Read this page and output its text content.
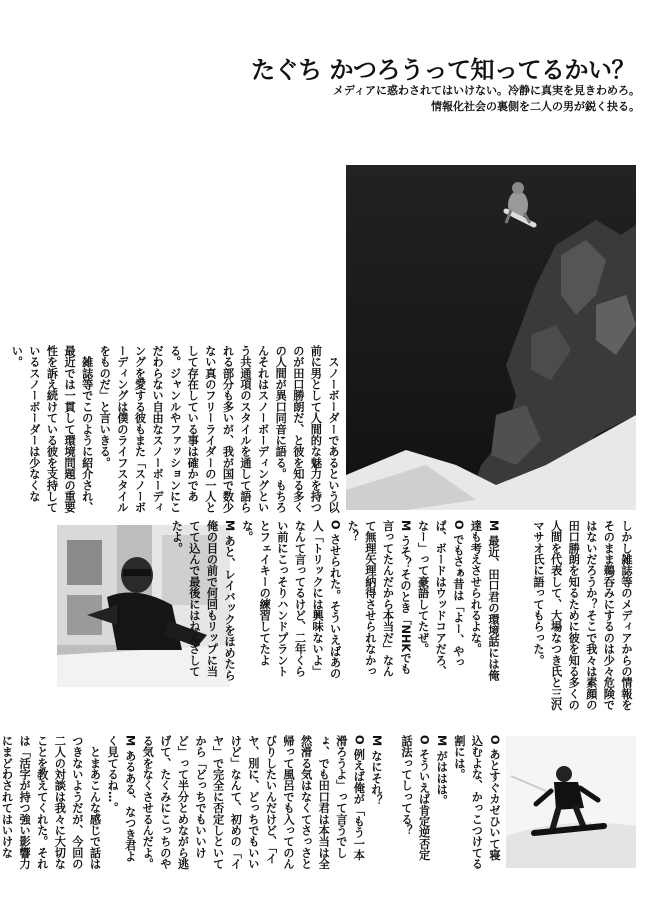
たぐち かつろうって知ってるかい？
メディアに惑わされてはいけない。冷静に真実を見きわめろ。
情報化社会の裏側を二人の男が鋭く抉る。

　スノーボーダーであるという以前に男として人間的な魅力を持つのが田口勝朗だ、と彼を知る多くの人間が異口同音に語る。もちろんそれはスノーボーディングという共通項のスタイルを通して語られる部分も多いが、我が国で数少ない真のフリーライダーの一人として存在している事は確かである。ジャンルやファッションにこだわらない自由なスノーボーディングを愛する彼もまた「スノーボーディングは僕のライフスタイルをものだ」と言いきる。

　雑誌等でこのように紹介され、最近では一貫して環境問題の重要性を訴え続けている彼を支持しているスノーボーダーは少なくない。

しかし雑誌等のメディアからの情報をそのまま鵜呑みにするのは少々危険ではないだろうか？そこで我々は素顔の田口勝朗を知るために彼を知る多くの人間を代表して、大場なつき氏と三沢マサオ氏に語ってもらった。

M 最近、田口君の環境話には俺達も考えさせられるよな。

O でもさぁ昔は「よー、やっぱ、ボードはウッドコアだろ、なー」って豪語してたぜ。

M うそ？そのとき「NHKでも言ってたんだから本当だ」なんて無理矢理納得させられなかった？

O させられた。そういえばあの人「トリックには興味ないよ」なんて言ってるけど、二年くらい前にこっそりハンドプラントとフェイキーの練習してたよな。

M あと、レイバックをほめたら俺の目の前で何回もリップに当てて込んで最後にはねんざしてたよ。

O あとすぐカゼひいて寝込むよな、かっこつけてる割には。

M がははは。

O そういえば肯定逆否定話法ってしってる？

M なにそれ？

O 例えば俺が「もう一本滑ろうよ」って言うでしょ、でも田口君は本当は全然滑る気はなくてさっさと帰って風呂でも入ってのんびりしたいんだけど、「イヤ、別に、どっちでもいいけど」なんて、初めの「イヤ」で完全に否定しといてから「どっちでもいいけど」って半分とめながら逃げて、たくみにこっちのやる気をなくさせるんだよ。

M あるある、なつき君よく見てるね…。

　とまあこんな感じで話はつきないようだが、今回の二人の対談は我々に大切なことを教えてくれた。それは「活字が持つ強い影響力にまどわされてはいけな
